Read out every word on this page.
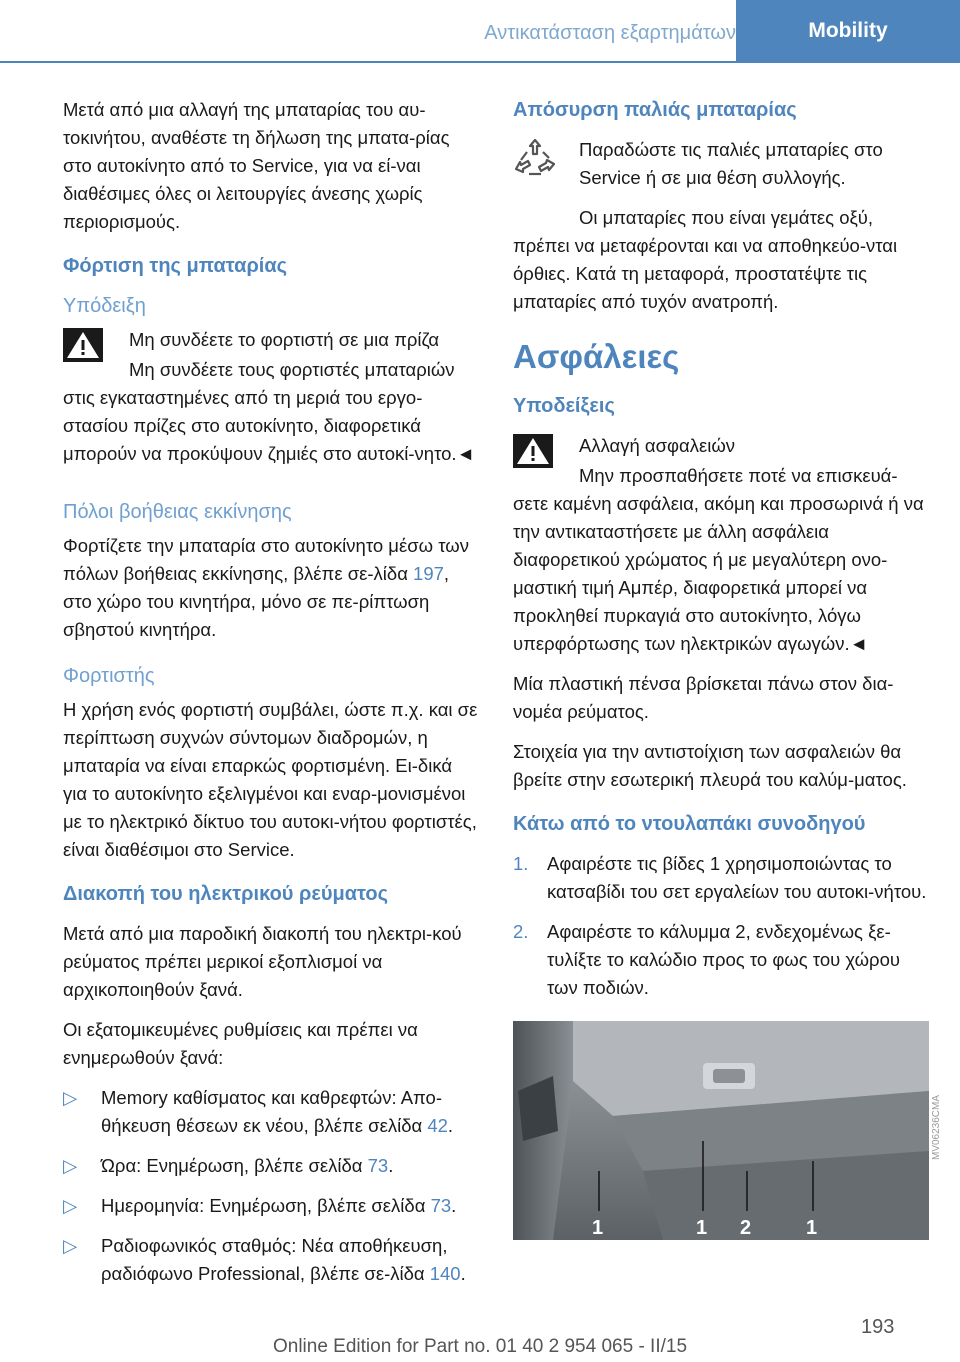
Αντικατάσταση εξαρτημάτων	Mobility

Μετά από μια αλλαγή της μπαταρίας του αυ-τοκινήτου, αναθέστε τη δήλωση της μπατα-ρίας στο αυτοκίνητο από το Service, για να εί-ναι διαθέσιμες όλες οι λειτουργίες άνεσης χωρίς περιορισμούς.

Φόρτιση της μπαταρίας
Υπόδειξη

Μη συνδέετε το φορτιστή σε μια πρίζα

Μη συνδέετε τους φορτιστές μπαταριών στις εγκαταστημένες από τη μεριά του εργο-στασίου πρίζες στο αυτοκίνητο, διαφορετικά μπορούν να προκύψουν ζημιές στο αυτοκί-νητο.◄

Πόλοι βοήθειας εκκίνησης

Φορτίζετε την μπαταρία στο αυτοκίνητο μέσω των πόλων βοήθειας εκκίνησης, βλέπε σε-λίδα 197, στο χώρο του κινητήρα, μόνο σε πε-ρίπτωση σβηστού κινητήρα.

Φορτιστής

Η χρήση ενός φορτιστή συμβάλει, ώστε π.χ. και σε περίπτωση συχνών σύντομων διαδρομών, η μπαταρία να είναι επαρκώς φορτισμένη. Ει-δικά για το αυτοκίνητο εξελιγμένοι και εναρ-μονισμένοι με το ηλεκτρικό δίκτυο του αυτοκι-νήτου φορτιστές, είναι διαθέσιμοι στο Service.

Διακοπή του ηλεκτρικού ρεύματος

Μετά από μια παροδική διακοπή του ηλεκτρι-κού ρεύματος πρέπει μερικοί εξοπλισμοί να αρχικοποιηθούν ξανά.

Οι εξατομικευμένες ρυθμίσεις και πρέπει να ενημερωθούν ξανά:

▷ Memory καθίσματος και καθρεφτών: Απο-θήκευση θέσεων εκ νέου, βλέπε σελίδα 42.
▷ Ώρα: Ενημέρωση, βλέπε σελίδα 73.
▷ Ημερομηνία: Ενημέρωση, βλέπε σελίδα 73.
▷ Ραδιοφωνικός σταθμός: Νέα αποθήκευση, ραδιόφωνο Professional, βλέπε σε-λίδα 140.
Απόσυρση παλιάς μπαταρίας

Παραδώστε τις παλιές μπαταρίες στο Service ή σε μια θέση συλλογής.

Οι μπαταρίες που είναι γεμάτες οξύ, πρέπει να μεταφέρονται και να αποθηκεύο-νται όρθιες. Κατά τη μεταφορά, προστατέψτε τις μπαταρίες από τυχόν ανατροπή.

Ασφάλειες
Υποδείξεις

Αλλαγή ασφαλειών

Μην προσπαθήσετε ποτέ να επισκευά-σετε καμένη ασφάλεια, ακόμη και προσωρινά ή να την αντικαταστήσετε με άλλη ασφάλεια διαφορετικού χρώματος ή με μεγαλύτερη ονο-μαστική τιμή Αμπέρ, διαφορετικά μπορεί να προκληθεί πυρκαγιά στο αυτοκίνητο, λόγω υπερφόρτωσης των ηλεκτρικών αγωγών.◄

Μία πλαστική πένσα βρίσκεται πάνω στον δια-νομέα ρεύματος.

Στοιχεία για την αντιστοίχιση των ασφαλειών θα βρείτε στην εσωτερική πλευρά του καλύμ-ματος.

Κάτω από το ντουλαπάκι συνοδηγού
1. Αφαιρέστε τις βίδες 1 χρησιμοποιώντας το κατσαβίδι του σετ εργαλείων του αυτοκι-νήτου.
2. Αφαιρέστε το κάλυμμα 2, ενδεχομένως ξε-τυλίξτε το καλώδιο προς το φως του χώρου των ποδιών.
1	1 2	1
MV06236CMA
193
Online Edition for Part no. 01 40 2 954 065 - II/15
